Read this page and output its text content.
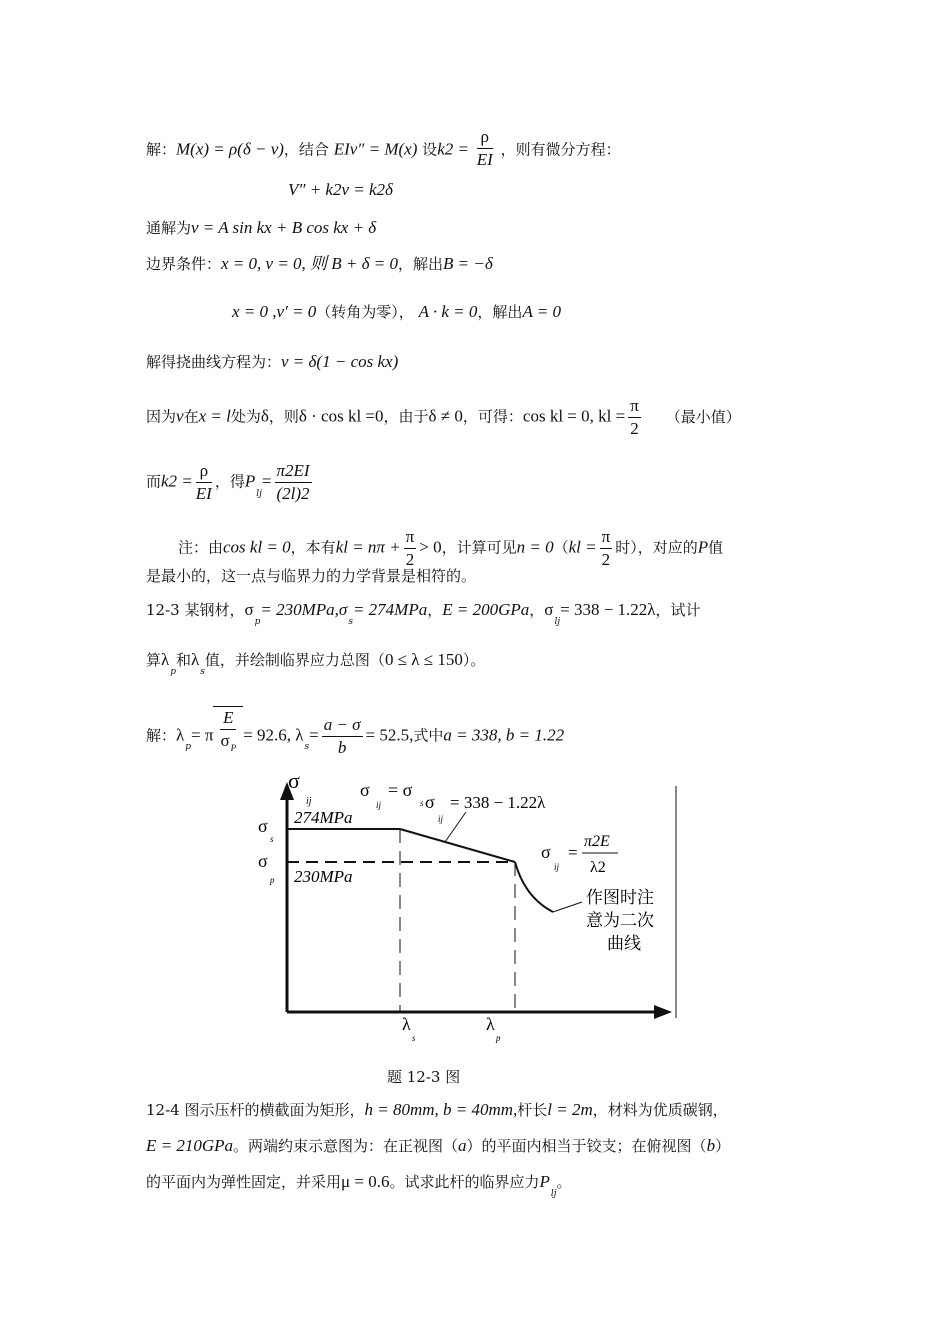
解：M(x) = ρ(δ − v)，结合 EIv″ = M(x) 设$k2 = \frac{\rho}{EI}$ ，则有微分方程：
V″ + k2v = k2δ
通解为v = A sin kx + B cos kx + δ
边界条件：x = 0, v = 0, 则 B + δ = 0，解出B = −δ
x = 0 ,v′ = 0（转角为零）， A · k = 0，解出A = 0
解得挠曲线方程为：v = δ(1 − cos kx)
因为v在x = l处为δ，则δ · cos kl =0，由于δ ≠ 0，可得：cos kl = 0, kl = $\frac{\pi}{2}$ （最小值）
而$k2 = \frac{\rho}{EI}$ ，得$P_{lj}= \frac{\pi 2EI}{(2l)2}$
注：由cos kl = 0，本有kl = $n\pi + \frac{\pi}{2} > 0$，计算可见$n = 0(kl = \frac{\pi}{2}$ 时），对应的P值
是最小的，这一点与临界力的力学背景是相符的。
12-3 某钢材，$\sigma_p= 230MPa,\sigma_s= 274MPa$，E = 200GPa，$\sigma_{lj}= 338 - 1.22\lambda$，试计
算$\lambda_p$和$\lambda_s$值，并绘制临界应力总图（0 ≤ λ ≤ 150）。
解：$\lambda_p= \pi \frac{E}{\sigma_P} = 92.6$, $\lambda_s= \frac{a - \sigma}{b} = 52.5$,式中a = 338, b = 1.22
σ
ij
σ
s
274MPa
σ
p 230MPa
σ
ij
= σ
s σ
ij
= 338 − 1.22λ
σ
ij
=
π2E
λ2
作图时注
意为二次
曲线
λ
s
λ
p
题 12-3 图
12-4 图示压杆的横截面为矩形，h = 80mm, b = 40mm,杆长l = 2m，材料为优质碳钢，
E = 210GPa。两端约束示意图为：在正视图（a）的平面内相当于铰支；在俯视图（b）
的平面内为弹性固定，并采用μ = 0.6。试求此杆的临界应力$P_{lj}$。
